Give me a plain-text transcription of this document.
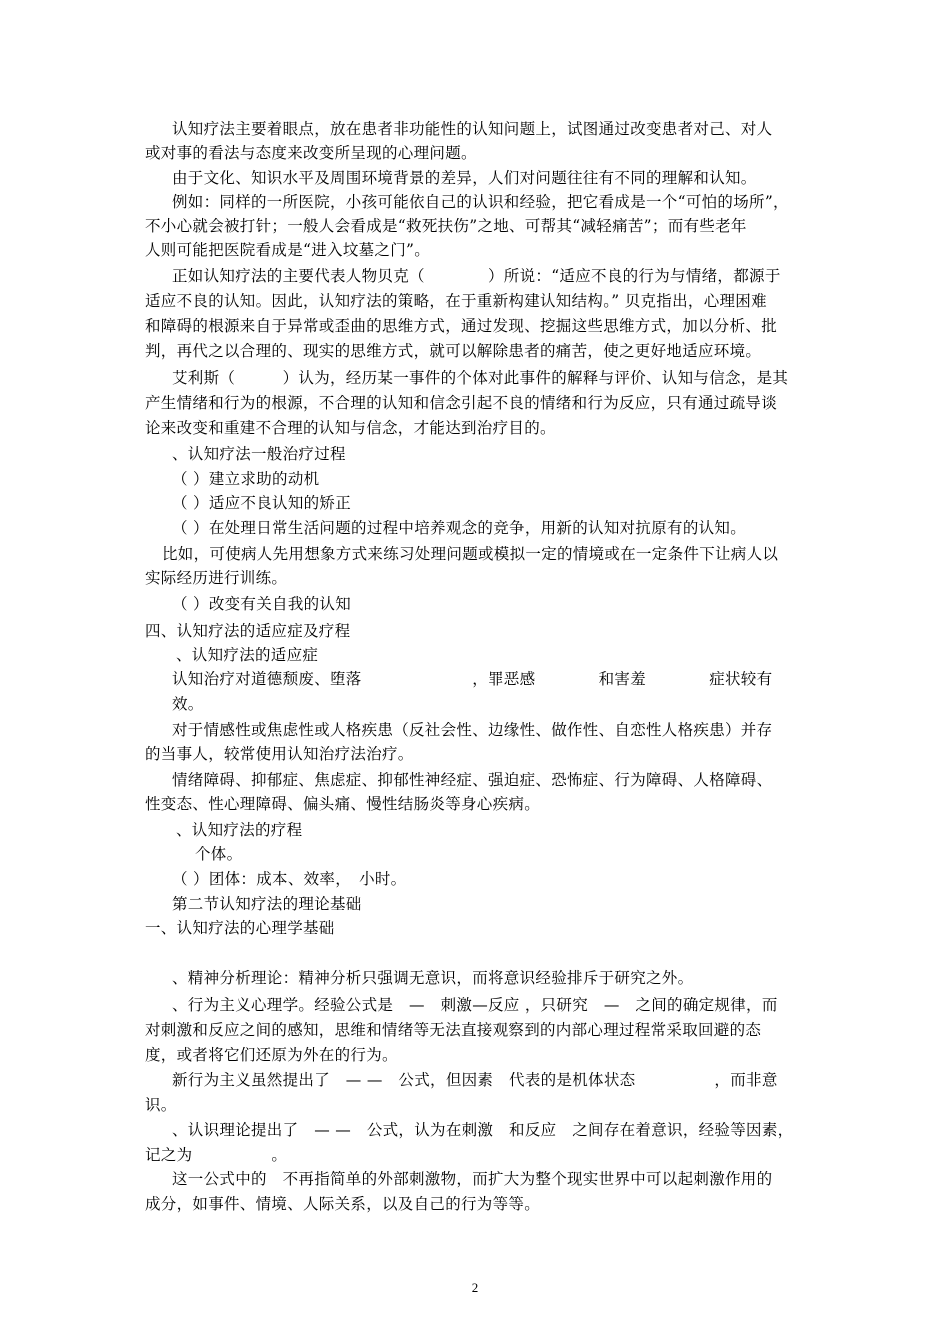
认知疗法主要着眼点，放在患者非功能性的认知问题上，试图通过改变患者对己、对人
或对事的看法与态度来改变所呈现的心理问题。
由于文化、知识水平及周围环境背景的差异，人们对问题往往有不同的理解和认知。
例如：同样的一所医院，小孩可能依自己的认识和经验，把它看成是一个“可怕的场所”，
不小心就会被打针；一般人会看成是“救死扶伤”之地、可帮其“减轻痛苦”；而有些老年
人则可能把医院看成是“进入坟墓之门”。
正如认知疗法的主要代表人物贝克（　　　　）所说：“适应不良的行为与情绪，都源于
适应不良的认知。因此，认知疗法的策略，在于重新构建认知结构。” 贝克指出，心理困难
和障碍的根源来自于异常或歪曲的思维方式，通过发现、挖掘这些思维方式，加以分析、批
判，再代之以合理的、现实的思维方式，就可以解除患者的痛苦，使之更好地适应环境。
艾利斯（　　　）认为，经历某一事件的个体对此事件的解释与评价、认知与信念，是其
产生情绪和行为的根源，不合理的认知和信念引起不良的情绪和行为反应，只有通过疏导谈
论来改变和重建不合理的认知与信念，才能达到治疗目的。
、认知疗法一般治疗过程
（ ）建立求助的动机
（ ）适应不良认知的矫正
（ ）在处理日常生活问题的过程中培养观念的竞争，用新的认知对抗原有的认知。
比如，可使病人先用想象方式来练习处理问题或模拟一定的情境或在一定条件下让病人以
实际经历进行训练。
（ ）改变有关自我的认知
四、认知疗法的适应症及疗程
、认知疗法的适应症
认知治疗对道德颓废、堕落　　　　　　　，罪恶感　　　　和害羞　　　　症状较有
效。
对于情感性或焦虑性或人格疾患（反社会性、边缘性、做作性、自恋性人格疾患）并存
的当事人，较常使用认知治疗法治疗。
情绪障碍、抑郁症、焦虑症、抑郁性神经症、强迫症、恐怖症、行为障碍、人格障碍、
性变态、性心理障碍、偏头痛、慢性结肠炎等身心疾病。
、认知疗法的疗程
个体。
（ ）团体：成本、效率，　小时。
第二节认知疗法的理论基础
一、认知疗法的心理学基础
、精神分析理论：精神分析只强调无意识，而将意识经验排斥于研究之外。
、行为主义心理学。经验公式是　—　刺激—反应 ，只研究　—　之间的确定规律，而
对刺激和反应之间的感知，思维和情绪等无法直接观察到的内部心理过程常采取回避的态
度，或者将它们还原为外在的行为。
新行为主义虽然提出了　— —　公式，但因素　代表的是机体状态　　　　　，而非意
识。
、认识理论提出了　— —　公式，认为在刺激　和反应　之间存在着意识，经验等因素，
记之为　　　　　。
这一公式中的　不再指简单的外部刺激物，而扩大为整个现实世界中可以起刺激作用的
成分，如事件、情境、人际关系，以及自己的行为等等。
2
